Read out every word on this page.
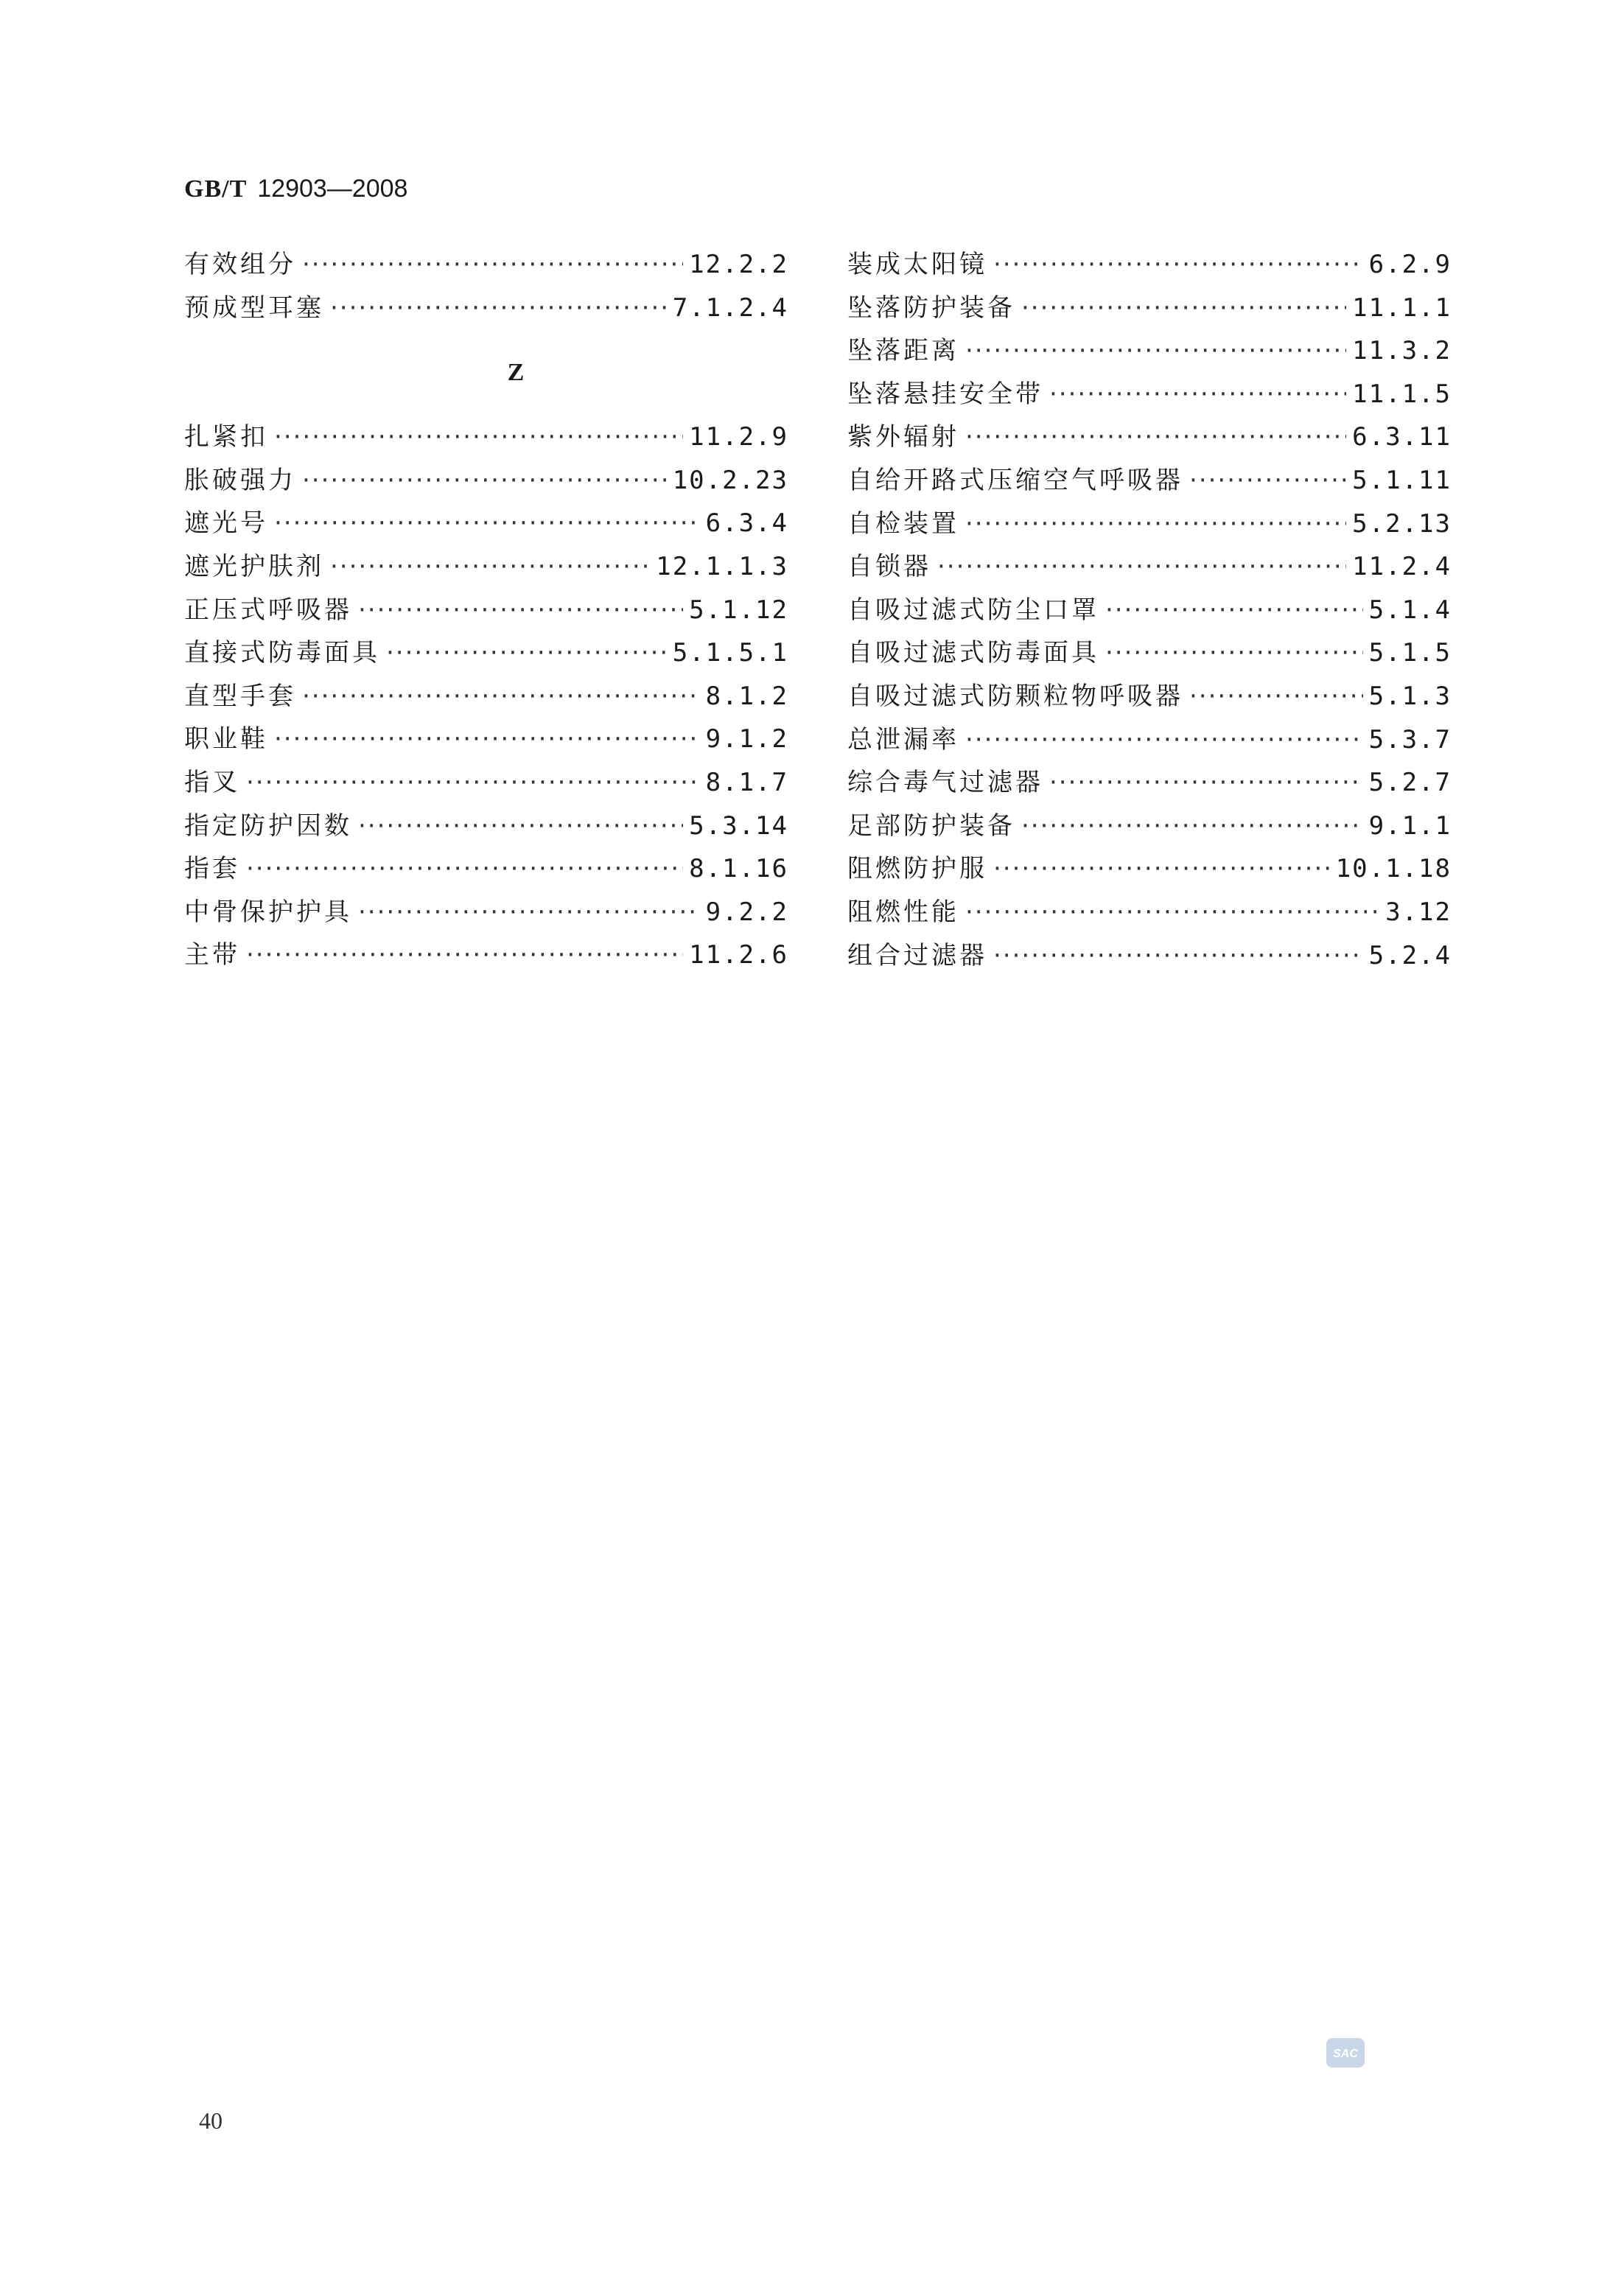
GB/T 12903—2008
有效组分 ·····	12.2.2
预成型耳塞 ·····	7.1.2.4
Z
扎紧扣 ·····	11.2.9
胀破强力 ·····	10.2.23
遮光号 ·····	6.3.4
遮光护肤剂 ·····	12.1.1.3
正压式呼吸器 ·····	5.1.12
直接式防毒面具 ·····	5.1.5.1
直型手套 ·····	8.1.2
职业鞋 ·····	9.1.2
指叉 ·····	8.1.7
指定防护因数 ·····	5.3.14
指套 ·····	8.1.16
中骨保护护具 ·····	9.2.2
主带 ·····	11.2.6
装成太阳镜 ·····	6.2.9
坠落防护装备 ·····	11.1.1
坠落距离 ·····	11.3.2
坠落悬挂安全带 ·····	11.1.5
紫外辐射 ·····	6.3.11
自给开路式压缩空气呼吸器 ·····	5.1.11
自检装置 ·····	5.2.13
自锁器 ·····	11.2.4
自吸过滤式防尘口罩 ·····	5.1.4
自吸过滤式防毒面具 ·····	5.1.5
自吸过滤式防颗粒物呼吸器 ·····	5.1.3
总泄漏率 ·····	5.3.7
综合毒气过滤器 ·····	5.2.7
足部防护装备 ·····	9.1.1
阻燃防护服 ·····	10.1.18
阻燃性能 ·····	3.12
组合过滤器 ·····	5.2.4
40
SAC
